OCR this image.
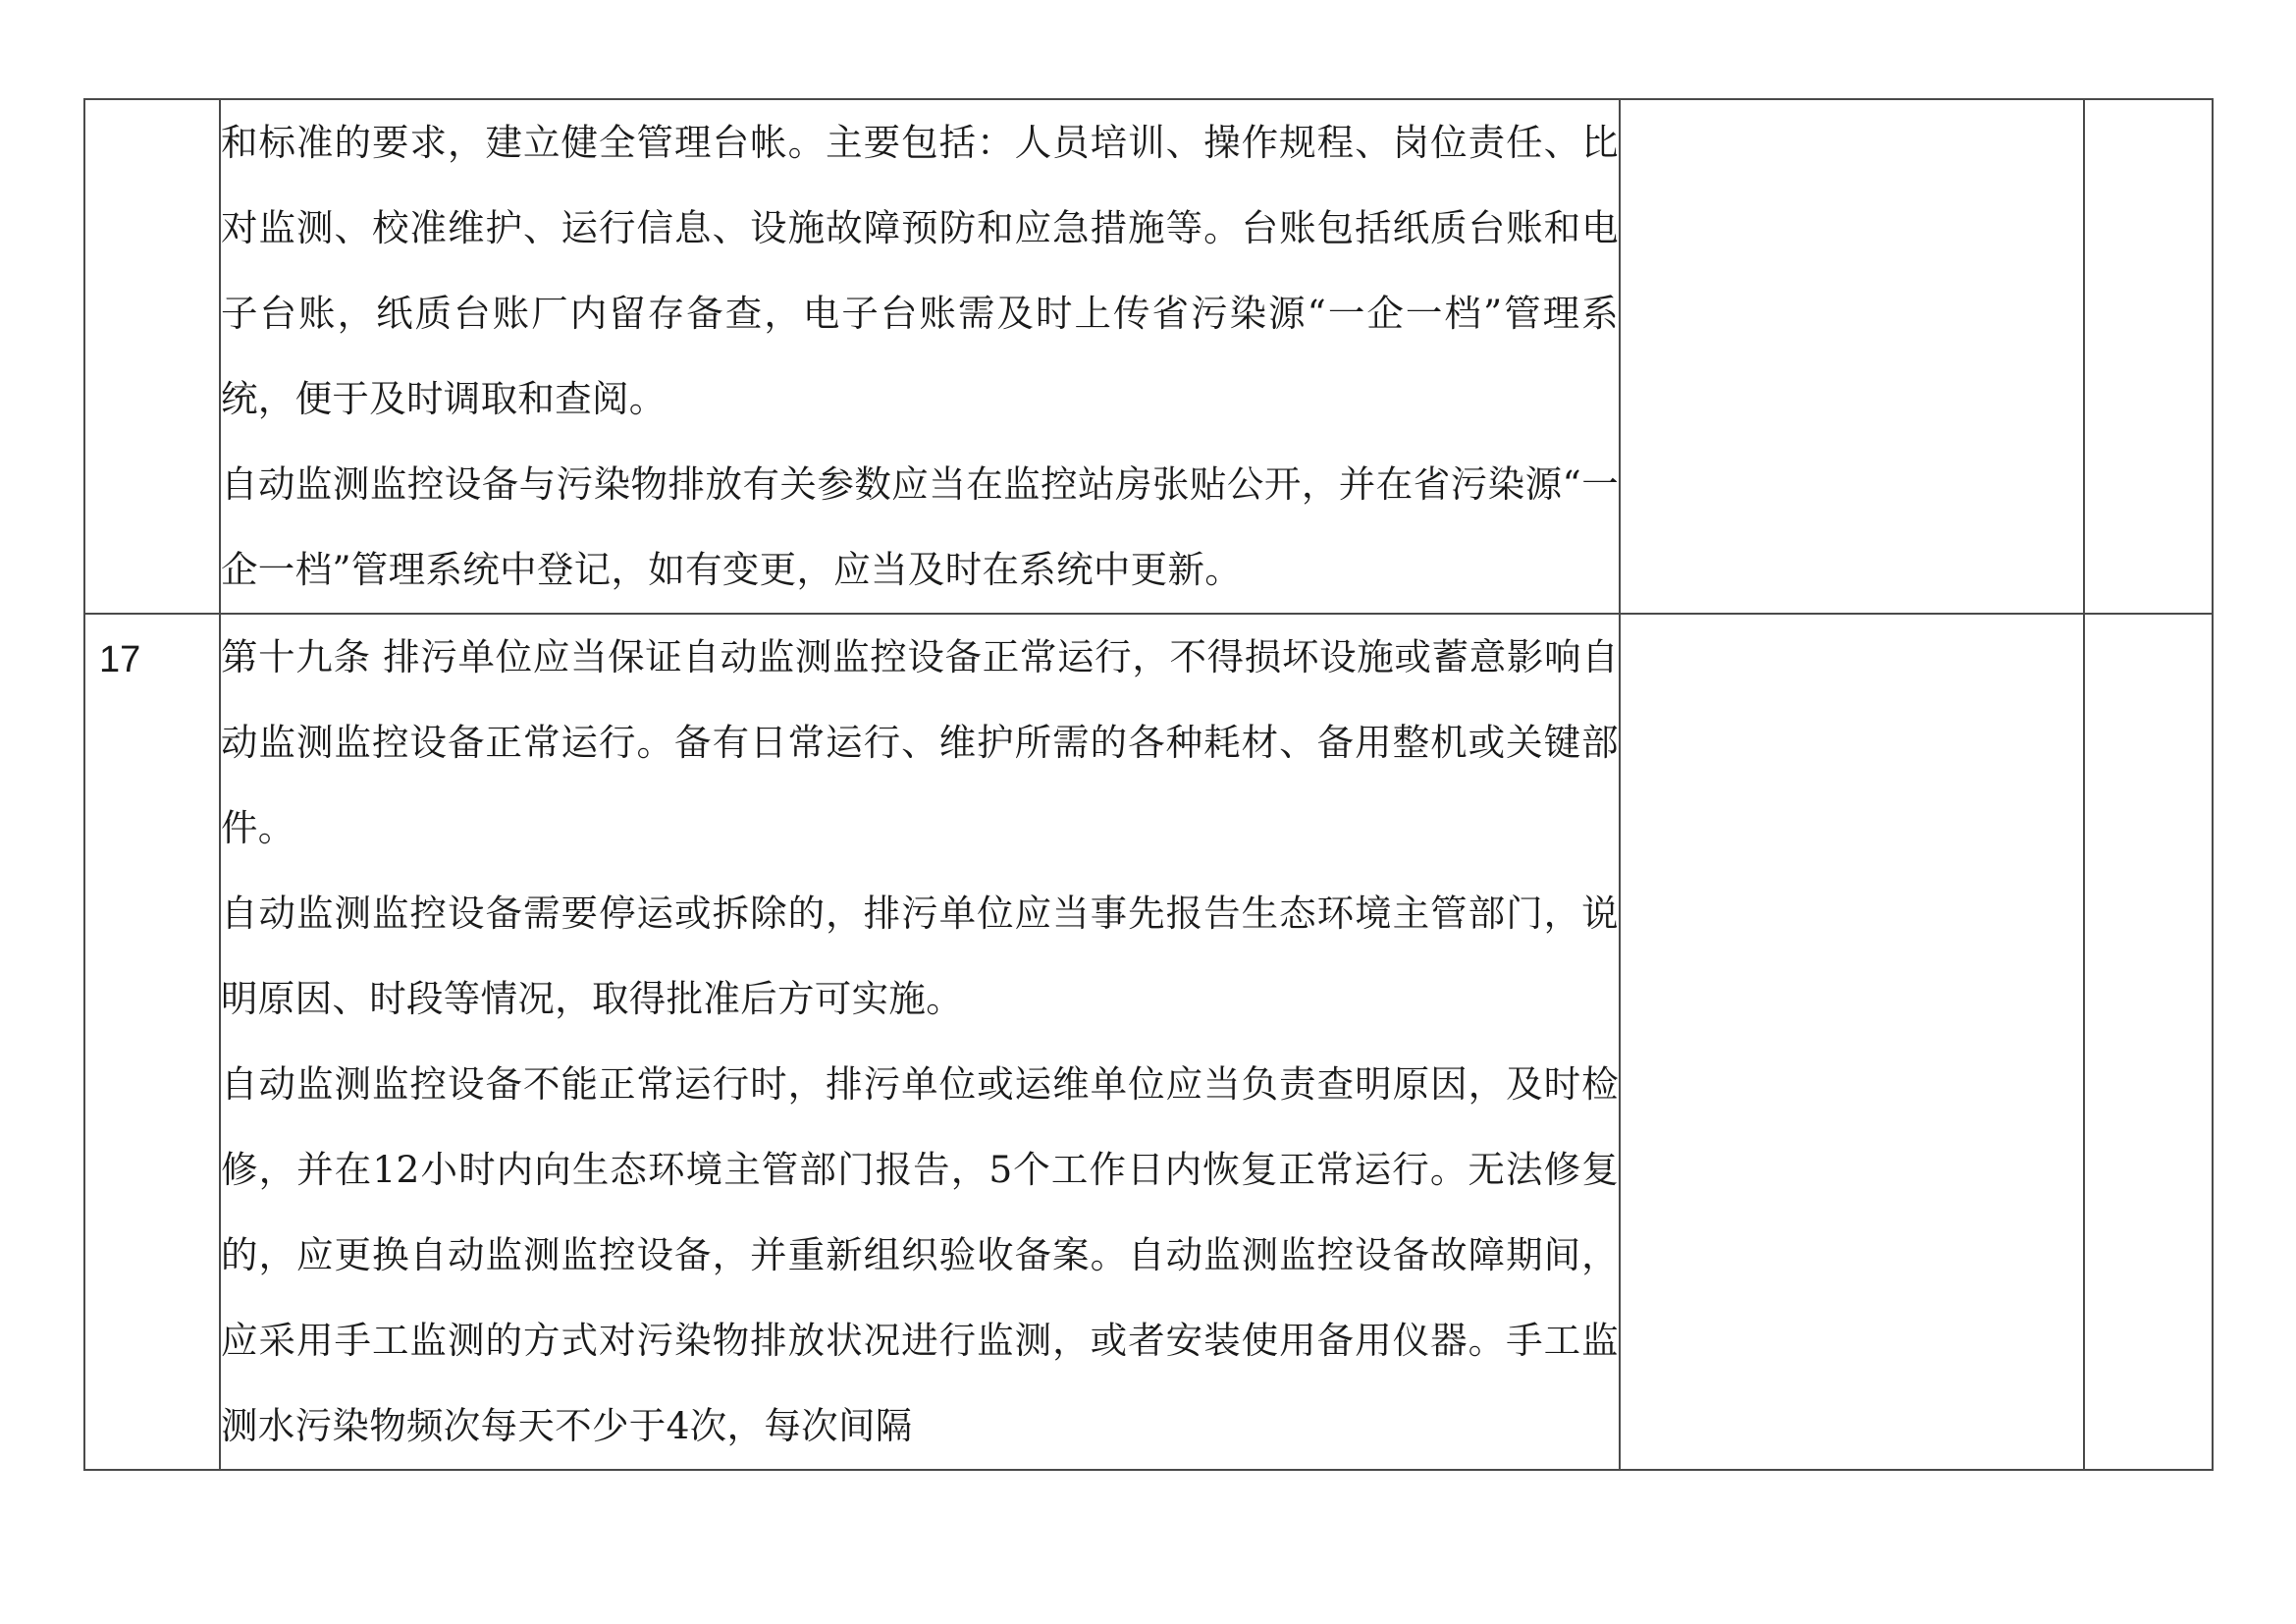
	和标准的要求，建立健全管理台帐。主要包括：人员培训、操作规程、岗位责任、比对监测、校准维护、运行信息、设施故障预防和应急措施等。台账包括纸质台账和电子台账，纸质台账厂内留存备查，电子台账需及时上传省污染源“一企一档”管理系统，便于及时调取和查阅。

自动监测监控设备与污染物排放有关参数应当在监控站房张贴公开，并在省污染源“一企一档”管理系统中登记，如有变更，应当及时在系统中更新。		

17	第十九条 排污单位应当保证自动监测监控设备正常运行，不得损坏设施或蓄意影响自动监测监控设备正常运行。备有日常运行、维护所需的各种耗材、备用整机或关键部件。

自动监测监控设备需要停运或拆除的，排污单位应当事先报告生态环境主管部门，说明原因、时段等情况，取得批准后方可实施。

自动监测监控设备不能正常运行时，排污单位或运维单位应当负责查明原因，及时检修，并在12小时内向生态环境主管部门报告，5个工作日内恢复正常运行。无法修复的，应更换自动监测监控设备，并重新组织验收备案。自动监测监控设备故障期间，应采用手工监测的方式对污染物排放状况进行监测，或者安装使用备用仪器。手工监测水污染物频次每天不少于4次，每次间隔		
